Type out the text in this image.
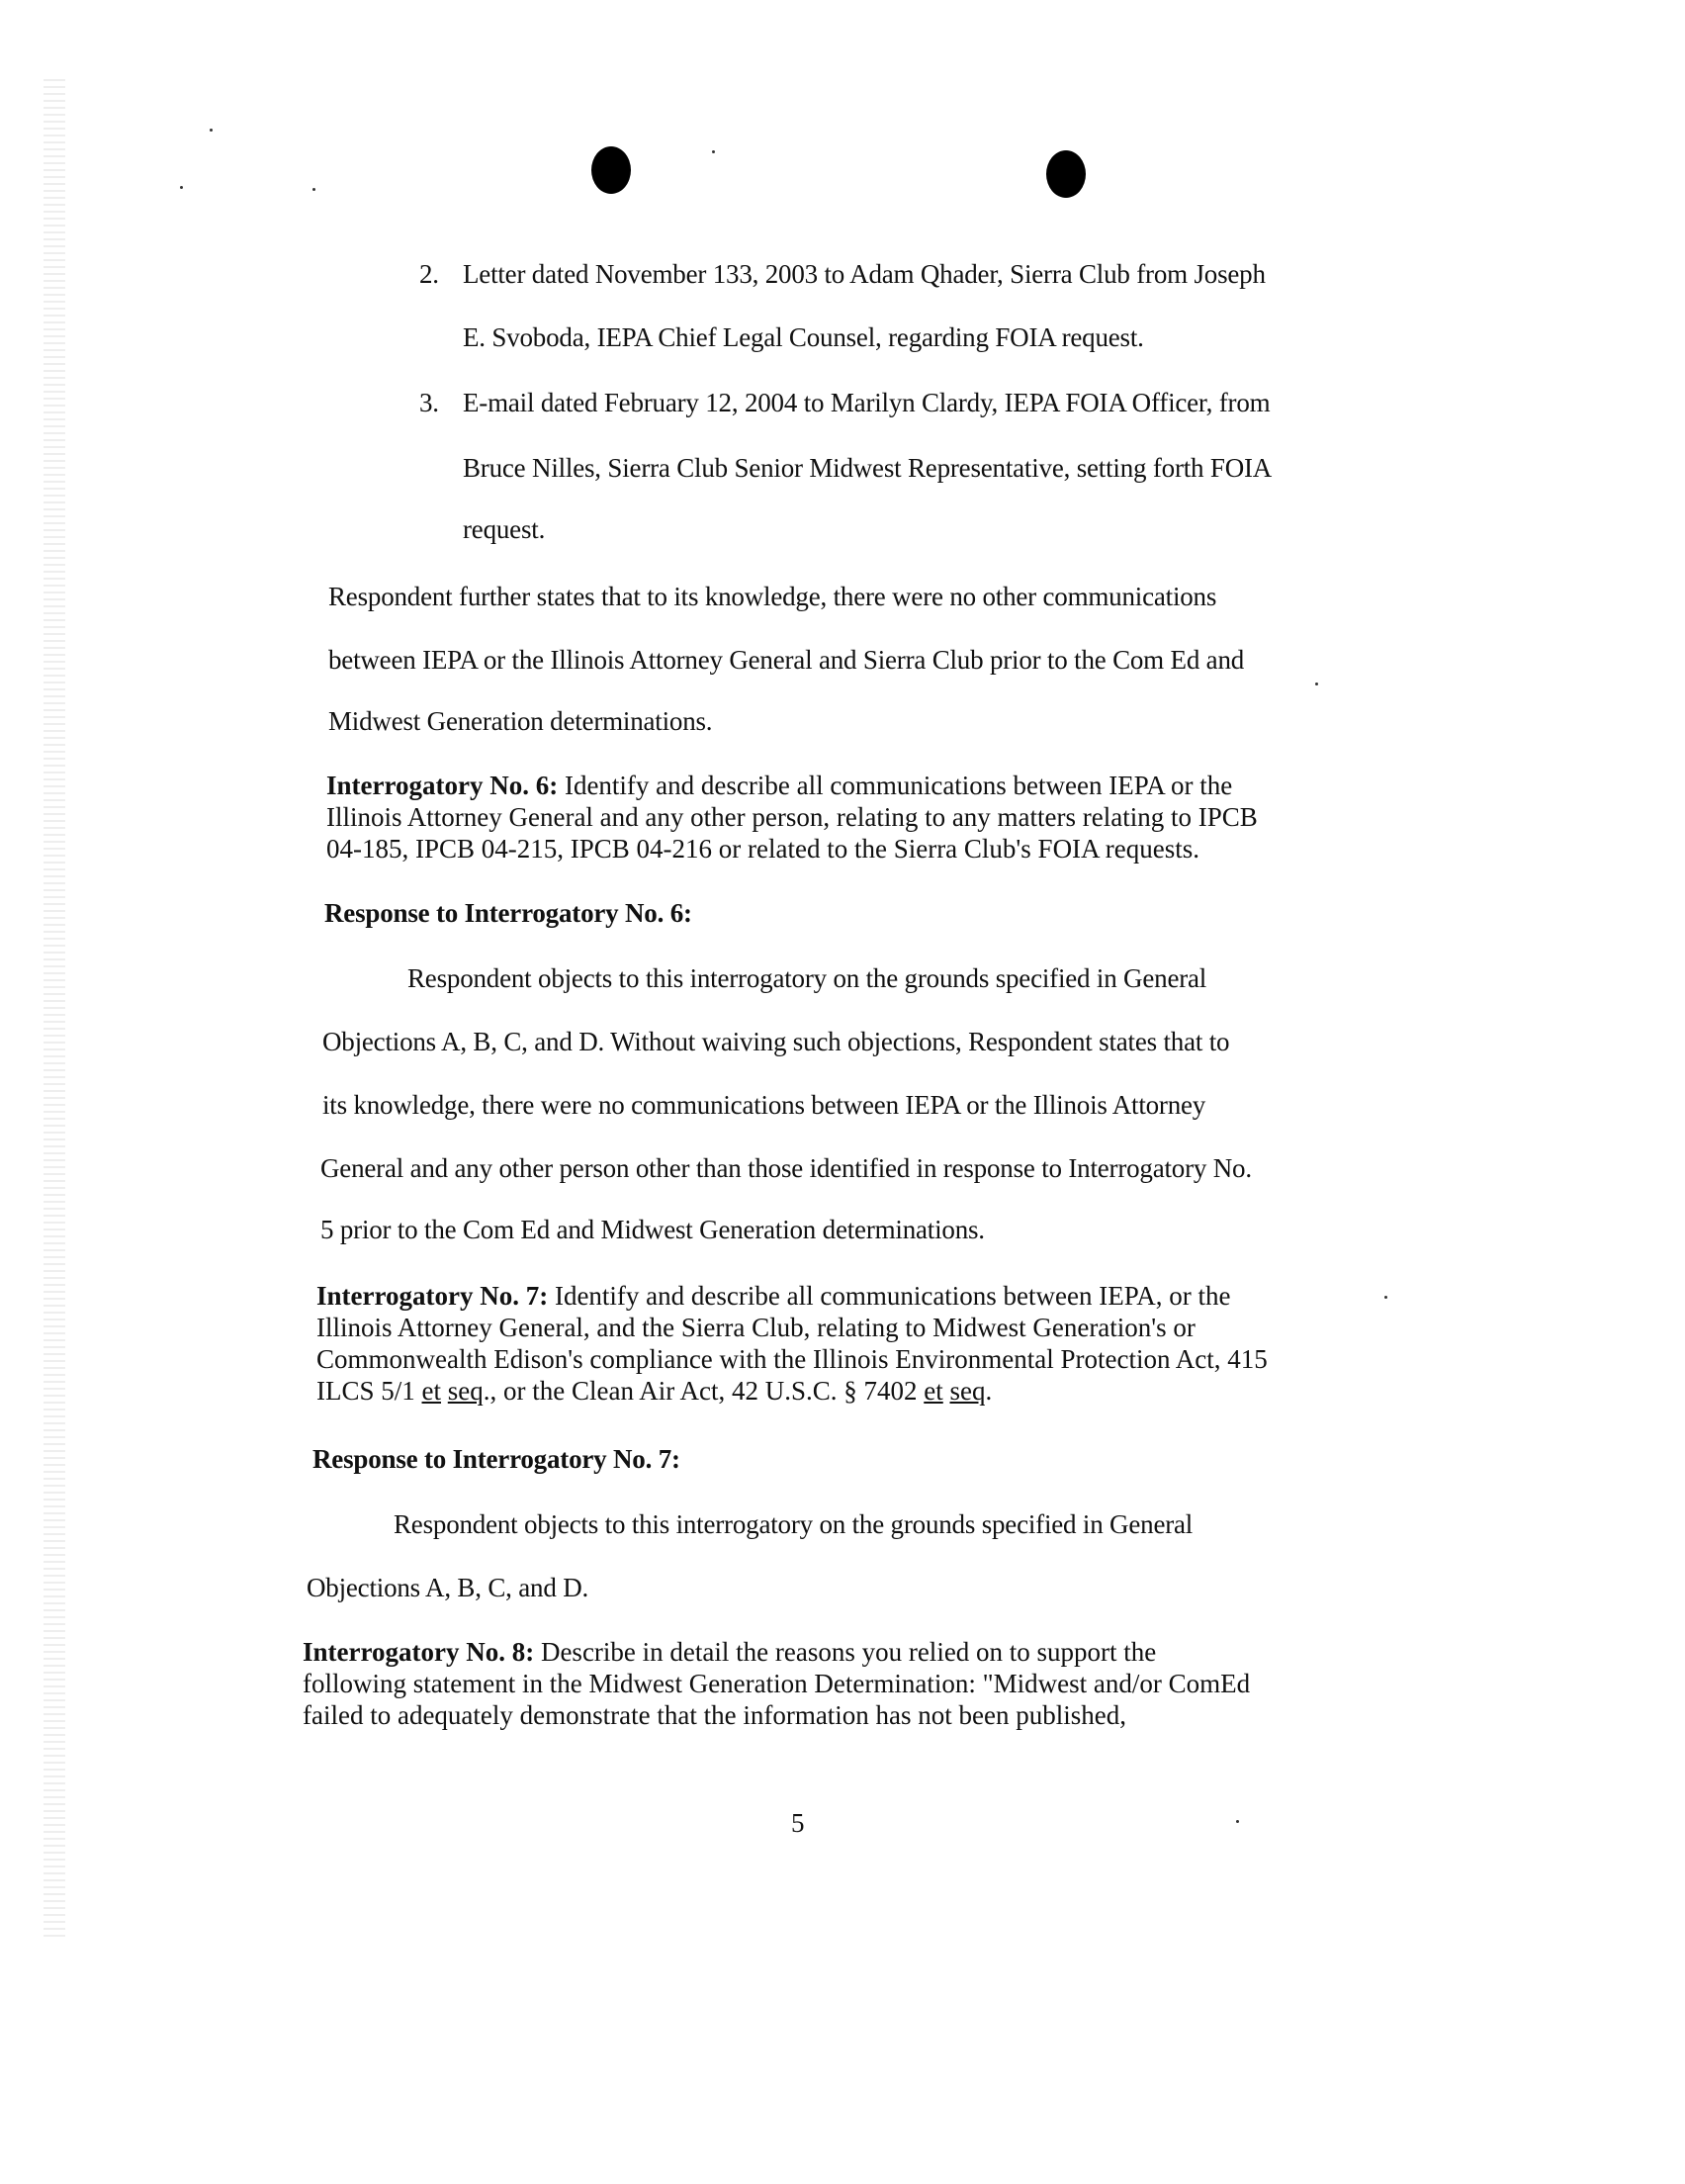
2. Letter dated November 133, 2003 to Adam Qhader, Sierra Club from Joseph
E. Svoboda, IEPA Chief Legal Counsel, regarding FOIA request.
3. E-mail dated February 12, 2004 to Marilyn Clardy, IEPA FOIA Officer, from
Bruce Nilles, Sierra Club Senior Midwest Representative, setting forth FOIA
request.
Respondent further states that to its knowledge, there were no other communications
between IEPA or the Illinois Attorney General and Sierra Club prior to the Com Ed and
Midwest Generation determinations.
Interrogatory No. 6: Identify and describe all communications between IEPA or the
Illinois Attorney General and any other person, relating to any matters relating to IPCB
04-185, IPCB 04-215, IPCB 04-216 or related to the Sierra Club's FOIA requests.
Response to Interrogatory No. 6:
Respondent objects to this interrogatory on the grounds specified in General
Objections A, B, C, and D. Without waiving such objections, Respondent states that to
its knowledge, there were no communications between IEPA or the Illinois Attorney
General and any other person other than those identified in response to Interrogatory No.
5 prior to the Com Ed and Midwest Generation determinations.
Interrogatory No. 7: Identify and describe all communications between IEPA, or the
Illinois Attorney General, and the Sierra Club, relating to Midwest Generation's or
Commonwealth Edison's compliance with the Illinois Environmental Protection Act, 415
ILCS 5/1 et seq., or the Clean Air Act, 42 U.S.C. § 7402 et seq.
Response to Interrogatory No. 7:
Respondent objects to this interrogatory on the grounds specified in General
Objections A, B, C, and D.
Interrogatory No. 8: Describe in detail the reasons you relied on to support the
following statement in the Midwest Generation Determination: "Midwest and/or ComEd
failed to adequately demonstrate that the information has not been published,
5
